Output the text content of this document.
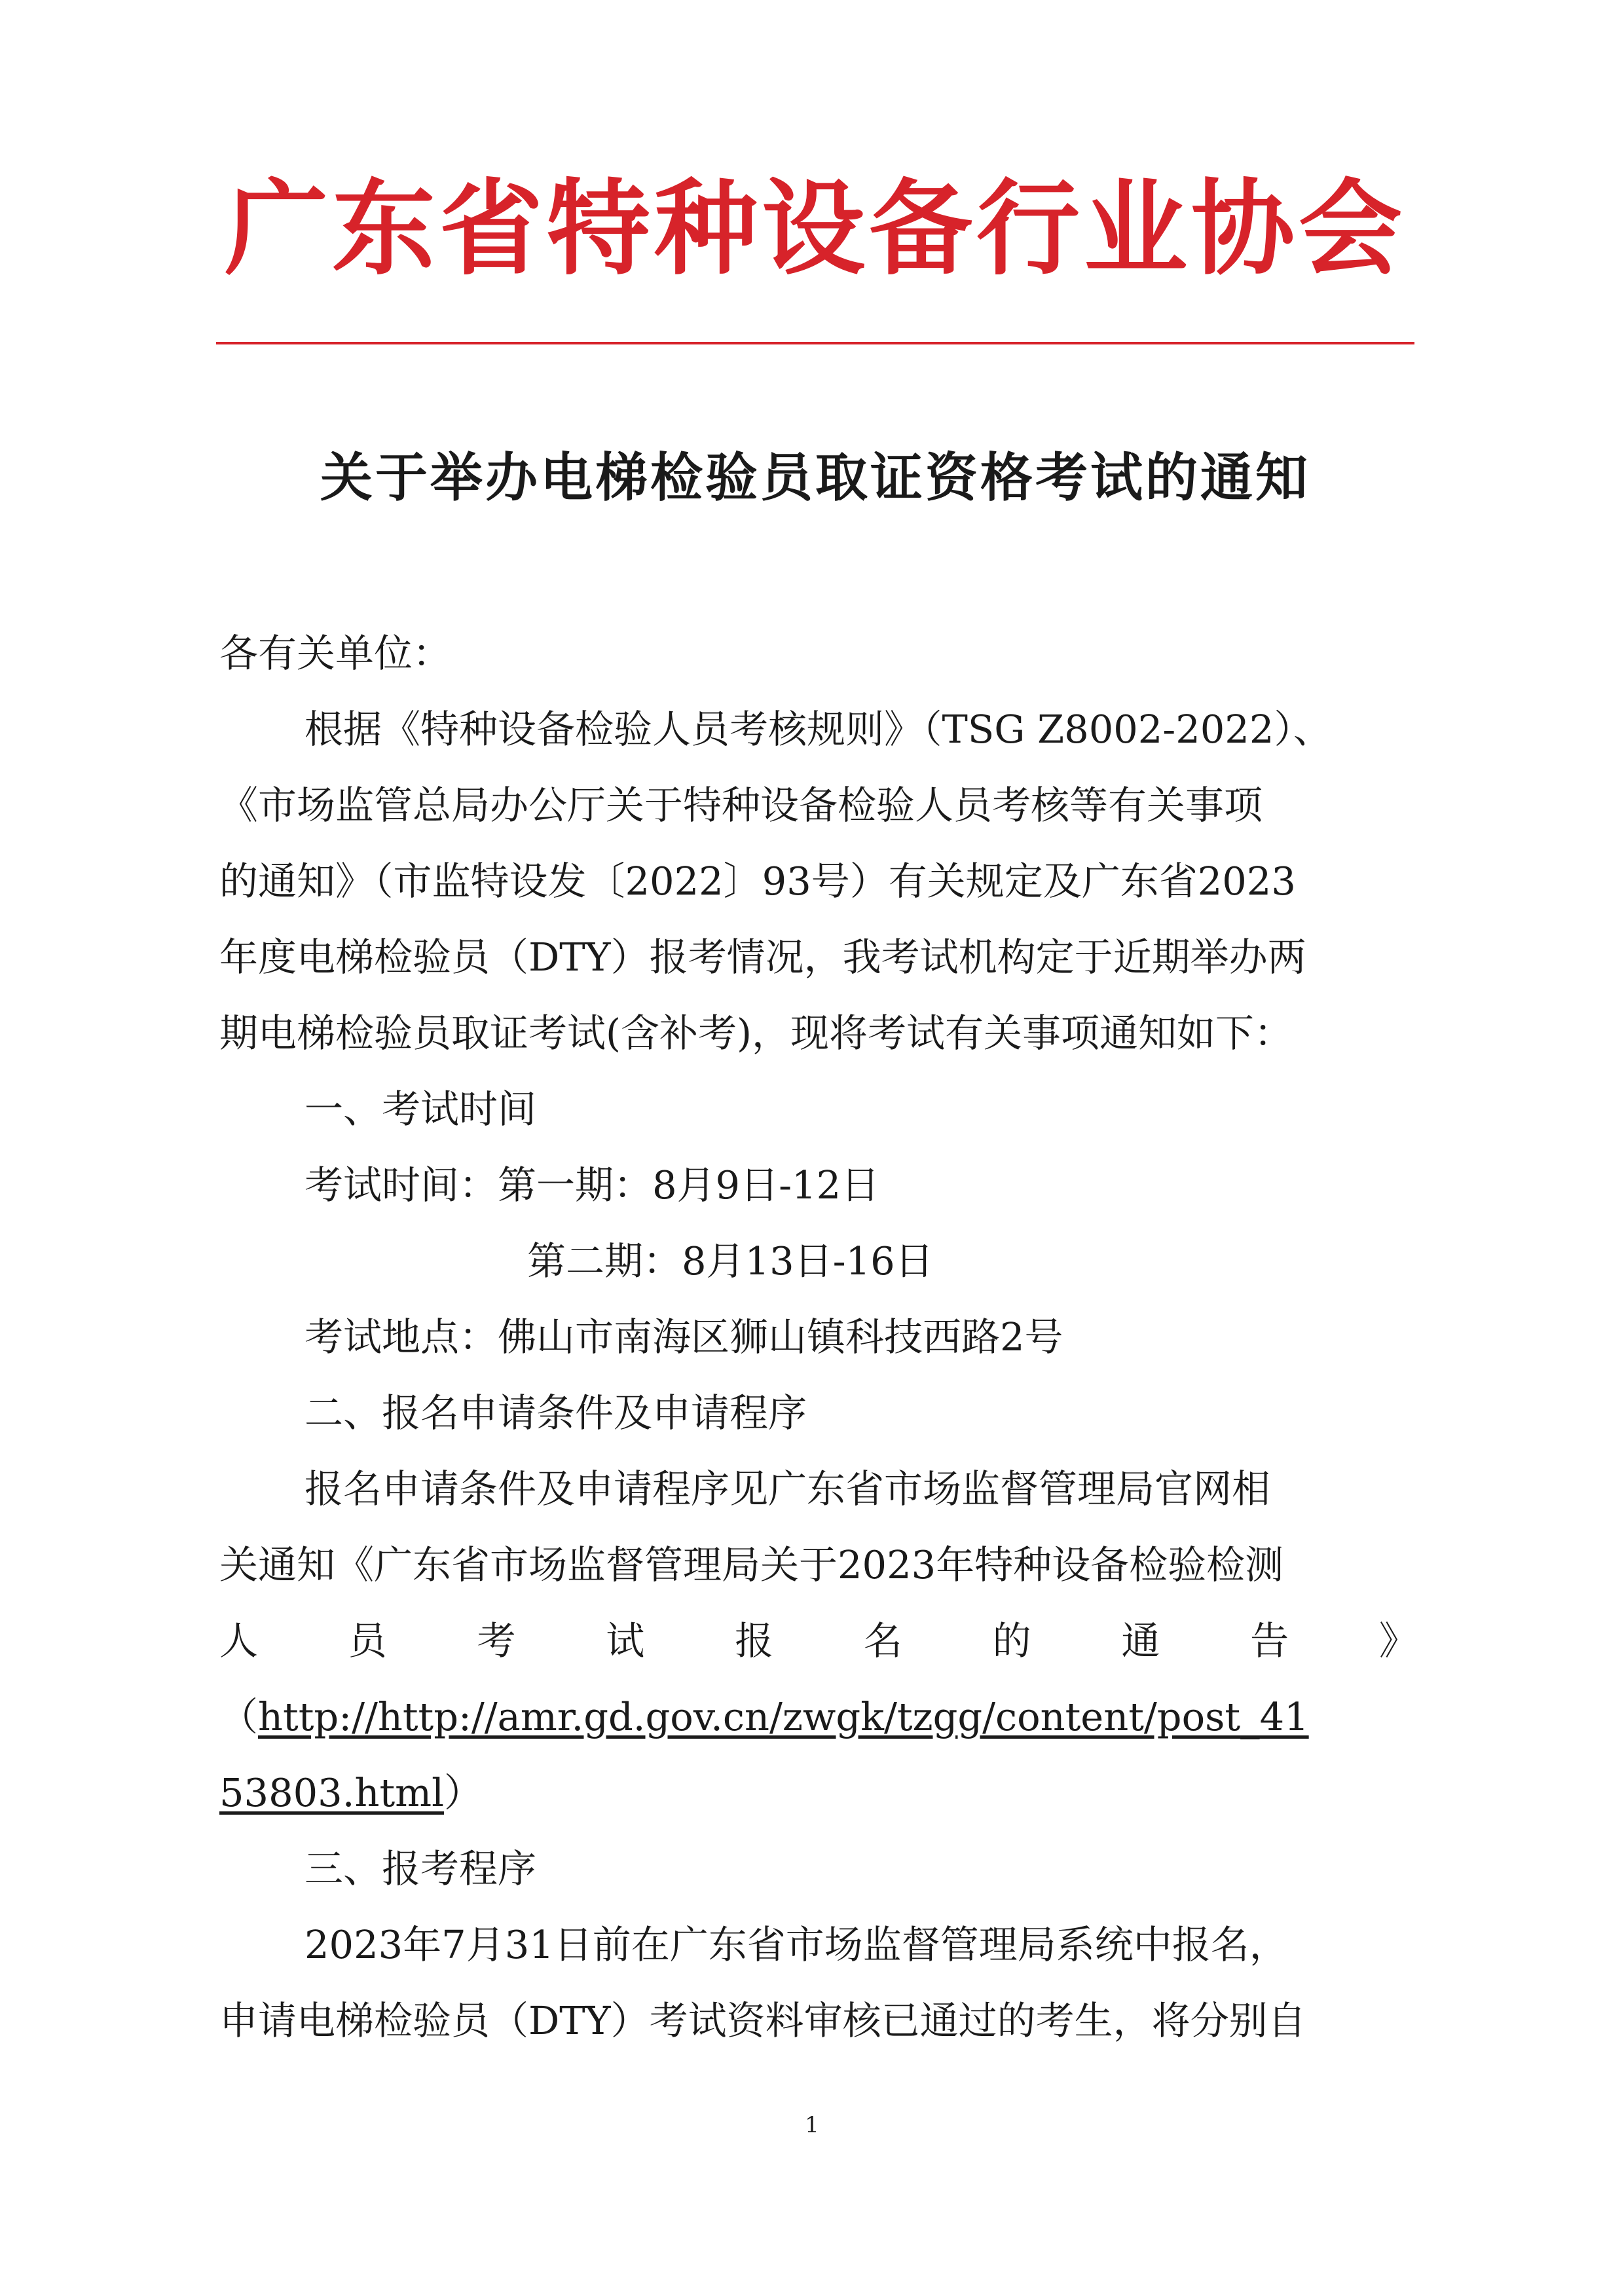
广东省特种设备行业协会
关于举办电梯检验员取证资格考试的通知
各有关单位：
根据《特种设备检验人员考核规则》（TSG Z8002-2022）、
《市场监管总局办公厅关于特种设备检验人员考核等有关事项
的通知》（市监特设发〔2022〕93号）有关规定及广东省2023
年度电梯检验员（DTY）报考情况，我考试机构定于近期举办两
期电梯检验员取证考试(含补考)，现将考试有关事项通知如下：
一、考试时间
考试时间：第一期：8月9日-12日
第二期：8月13日-16日
考试地点：佛山市南海区狮山镇科技西路2号
二、报名申请条件及申请程序
报名申请条件及申请程序见广东省市场监督管理局官网相
关通知《广东省市场监督管理局关于2023年特种设备检验检测
人 员 考 试 报 名 的 通 告 》
（http://http://amr.gd.gov.cn/zwgk/tzgg/content/post_41
53803.html）
三、报考程序
2023年7月31日前在广东省市场监督管理局系统中报名，
申请电梯检验员（DTY）考试资料审核已通过的考生，将分别自
1
